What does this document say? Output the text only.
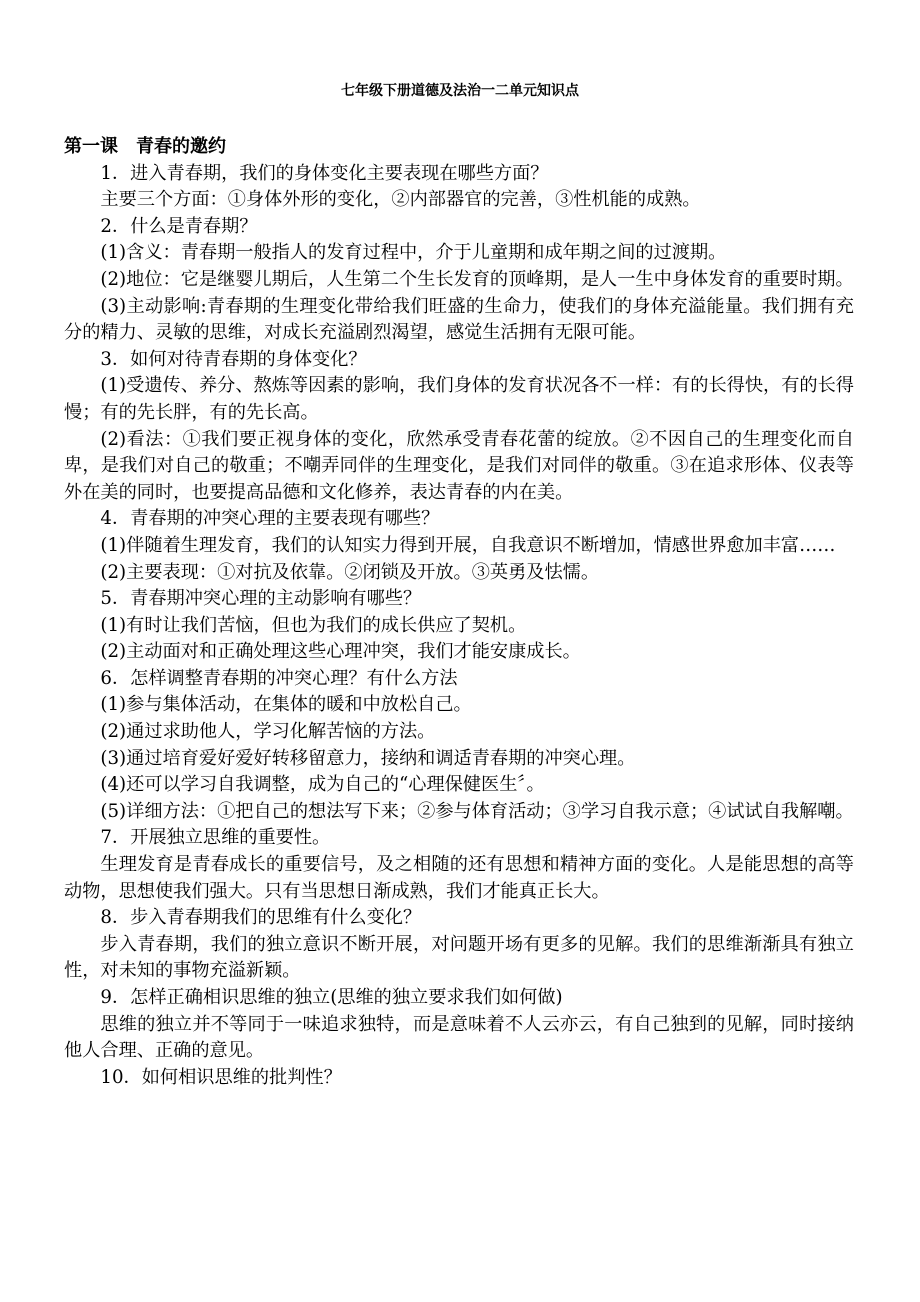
七年级下册道德及法治一二单元知识点
第一课　青春的邀约

1．进入青春期，我们的身体变化主要表现在哪些方面？

主要三个方面：①身体外形的变化，②内部器官的完善，③性机能的成熟。

2．什么是青春期？

(1)含义：青春期一般指人的发育过程中，介于儿童期和成年期之间的过渡期。

(2)地位：它是继婴儿期后，人生第二个生长发育的顶峰期，是人一生中身体发育的重要时期。

(3)主动影响:青春期的生理变化带给我们旺盛的生命力，使我们的身体充溢能量。我们拥有充分的精力、灵敏的思维，对成长充溢剧烈渴望，感觉生活拥有无限可能。

3．如何对待青春期的身体变化？

(1)受遗传、养分、熬炼等因素的影响，我们身体的发育状况各不一样：有的长得快，有的长得慢；有的先长胖，有的先长高。

(2)看法：①我们要正视身体的变化，欣然承受青春花蕾的绽放。②不因自己的生理变化而自卑，是我们对自己的敬重；不嘲弄同伴的生理变化，是我们对同伴的敬重。③在追求形体、仪表等外在美的同时，也要提高品德和文化修养，表达青春的内在美。

4．青春期的冲突心理的主要表现有哪些？

(1)伴随着生理发育，我们的认知实力得到开展，自我意识不断增加，情感世界愈加丰富……

(2)主要表现：①对抗及依靠。②闭锁及开放。③英勇及怯懦。

5．青春期冲突心理的主动影响有哪些？

(1)有时让我们苦恼，但也为我们的成长供应了契机。

(2)主动面对和正确处理这些心理冲突，我们才能安康成长。

6．怎样调整青春期的冲突心理？有什么方法

(1)参与集体活动，在集体的暖和中放松自己。

(2)通过求助他人，学习化解苦恼的方法。

(3)通过培育爱好爱好转移留意力，接纳和调适青春期的冲突心理。

(4)还可以学习自我调整，成为自己的“心理保健医生〞。

(5)详细方法：①把自己的想法写下来；②参与体育活动；③学习自我示意；④试试自我解嘲。

7．开展独立思维的重要性。

生理发育是青春成长的重要信号，及之相随的还有思想和精神方面的变化。人是能思想的高等动物，思想使我们强大。只有当思想日渐成熟，我们才能真正长大。

8．步入青春期我们的思维有什么变化？

步入青春期，我们的独立意识不断开展，对问题开场有更多的见解。我们的思维渐渐具有独立性，对未知的事物充溢新颖。

9．怎样正确相识思维的独立(思维的独立要求我们如何做)

思维的独立并不等同于一味追求独特，而是意味着不人云亦云，有自己独到的见解，同时接纳他人合理、正确的意见。

10．如何相识思维的批判性？
